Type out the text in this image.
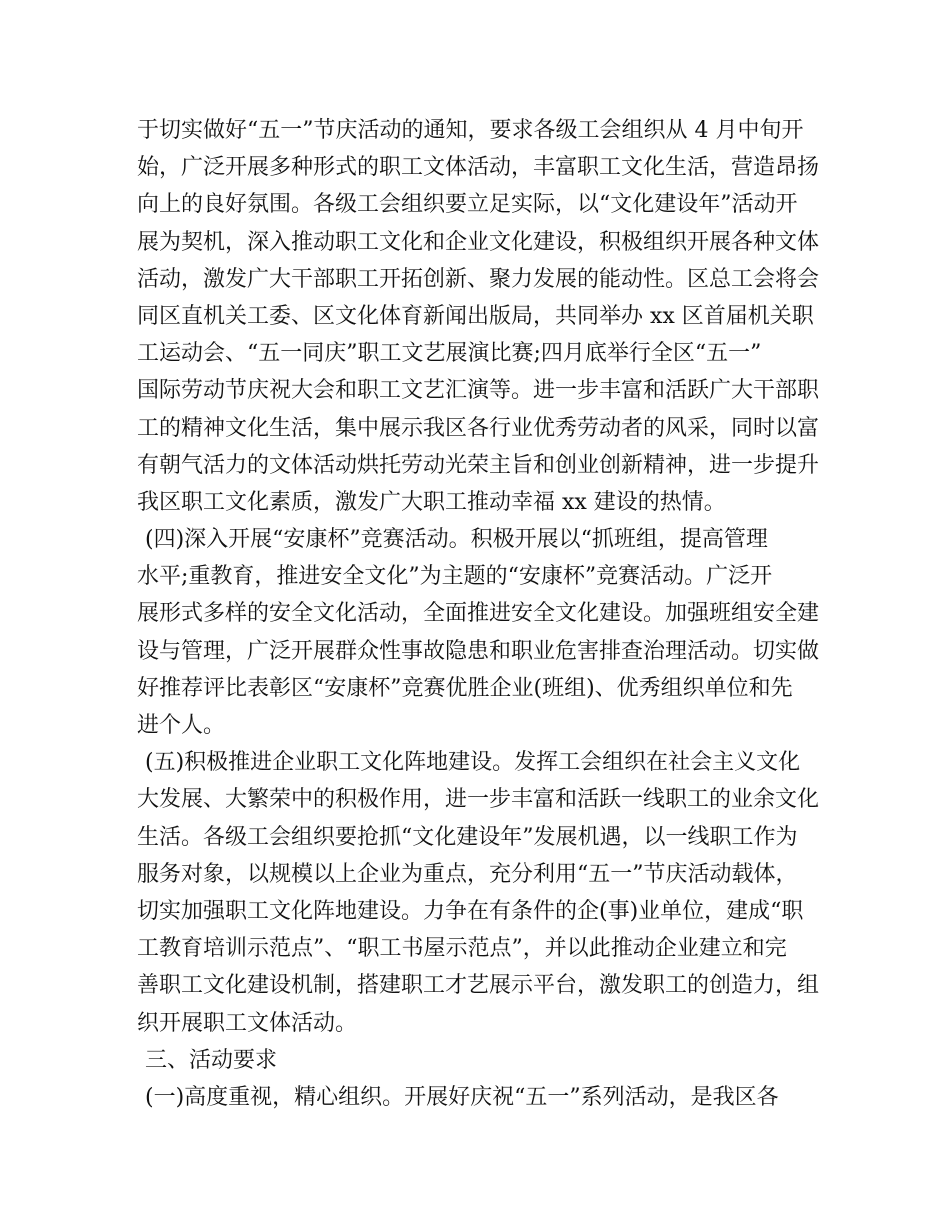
于切实做好“五一”节庆活动的通知，要求各级工会组织从 4 月中旬开
始，广泛开展多种形式的职工文体活动，丰富职工文化生活，营造昂扬
向上的良好氛围。各级工会组织要立足实际，以“文化建设年”活动开
展为契机，深入推动职工文化和企业文化建设，积极组织开展各种文体
活动，激发广大干部职工开拓创新、聚力发展的能动性。区总工会将会
同区直机关工委、区文化体育新闻出版局，共同举办 xx 区首届机关职
工运动会、“五一同庆”职工文艺展演比赛;四月底举行全区“五一”
国际劳动节庆祝大会和职工文艺汇演等。进一步丰富和活跃广大干部职
工的精神文化生活，集中展示我区各行业优秀劳动者的风采，同时以富
有朝气活力的文体活动烘托劳动光荣主旨和创业创新精神，进一步提升
我区职工文化素质，激发广大职工推动幸福 xx 建设的热情。
(四)深入开展“安康杯”竞赛活动。积极开展以“抓班组，提高管理
水平;重教育，推进安全文化”为主题的“安康杯”竞赛活动。广泛开
展形式多样的安全文化活动，全面推进安全文化建设。加强班组安全建
设与管理，广泛开展群众性事故隐患和职业危害排查治理活动。切实做
好推荐评比表彰区“安康杯”竞赛优胜企业(班组)、优秀组织单位和先
进个人。
(五)积极推进企业职工文化阵地建设。发挥工会组织在社会主义文化
大发展、大繁荣中的积极作用，进一步丰富和活跃一线职工的业余文化
生活。各级工会组织要抢抓“文化建设年”发展机遇，以一线职工作为
服务对象，以规模以上企业为重点，充分利用“五一”节庆活动载体，
切实加强职工文化阵地建设。力争在有条件的企(事)业单位，建成“职
工教育培训示范点”、“职工书屋示范点”，并以此推动企业建立和完
善职工文化建设机制，搭建职工才艺展示平台，激发职工的创造力，组
织开展职工文体活动。
三、活动要求
(一)高度重视，精心组织。开展好庆祝“五一”系列活动，是我区各
